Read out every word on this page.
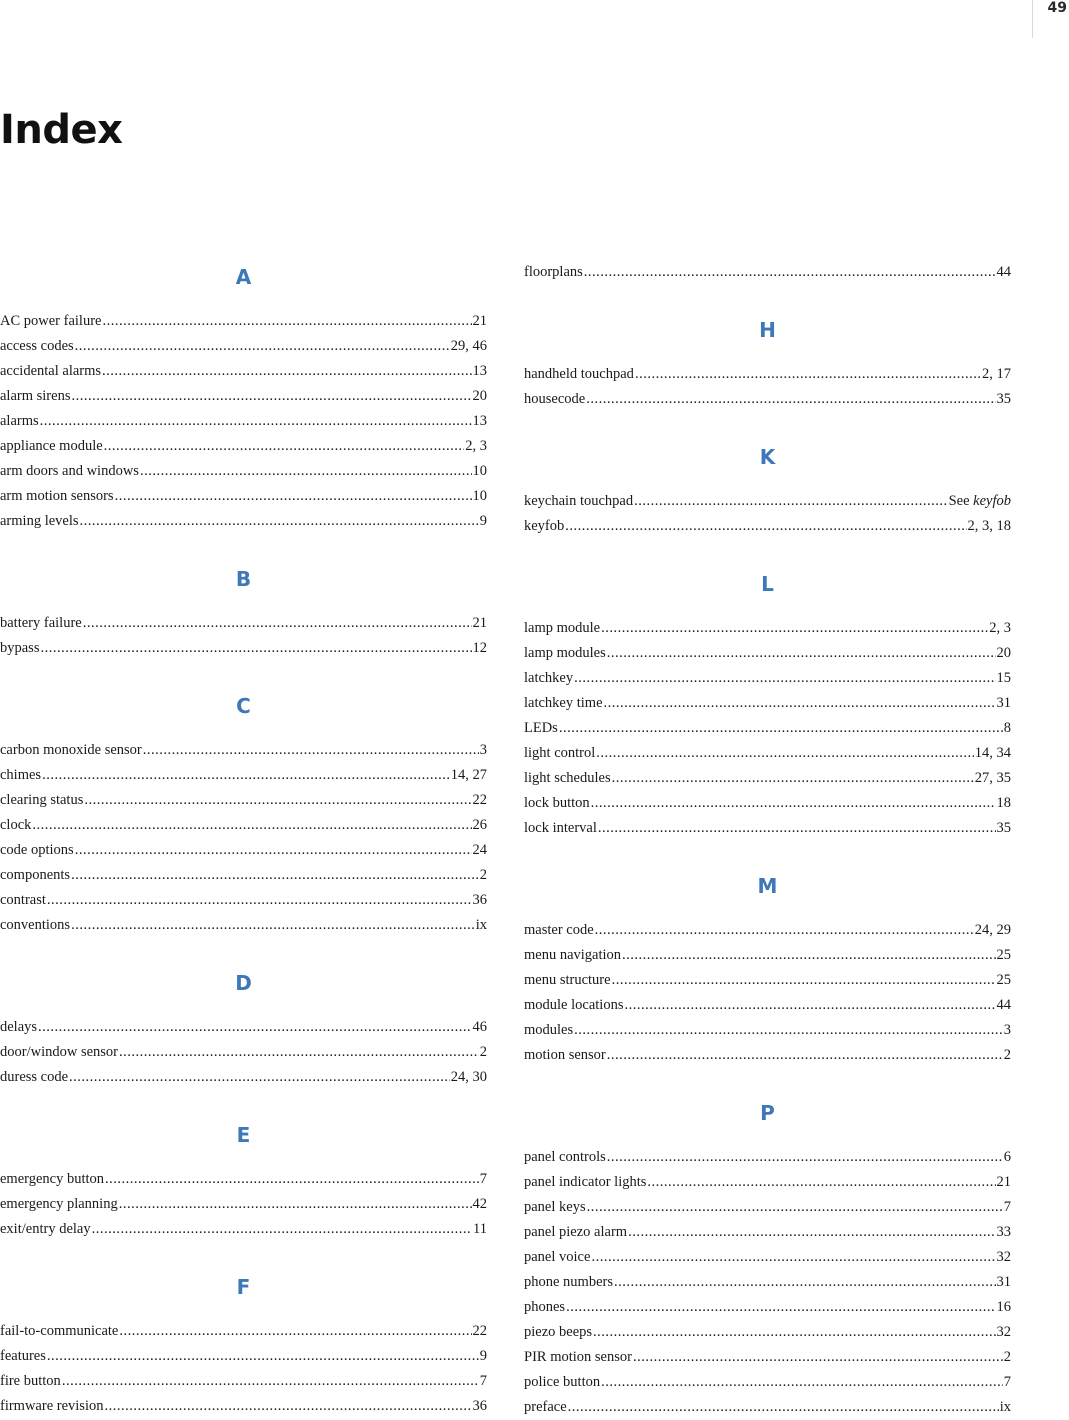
49
Index
A
AC power failure .....	21
access codes .....	29, 46
accidental alarms .....	13
alarm sirens .....	20
alarms .....	13
appliance module .....	2, 3
arm doors and windows .....	10
arm motion sensors .....	10
arming levels .....	9
B
battery failure .....	21
bypass .....	12
C
carbon monoxide sensor .....	3
chimes .....	14, 27
clearing status .....	22
clock .....	26
code options .....	24
components .....	2
contrast .....	36
conventions .....	ix
D
delays .....	46
door/window sensor .....	2
duress code .....	24, 30
E
emergency button .....	7
emergency planning .....	42
exit/entry delay .....	11
F
fail-to-communicate .....	22
features .....	9
fire button .....	7
firmware revision .....	36
floorplans .....	44
H
handheld touchpad .....	2, 17
housecode .....	35
K
keychain touchpad .....	See keyfob
keyfob .....	2, 3, 18
L
lamp module .....	2, 3
lamp modules .....	20
latchkey .....	15
latchkey time .....	31
LEDs .....	8
light control .....	14, 34
light schedules .....	27, 35
lock button .....	18
lock interval .....	35
M
master code .....	24, 29
menu navigation .....	25
menu structure .....	25
module locations .....	44
modules .....	3
motion sensor .....	2
P
panel controls .....	6
panel indicator lights .....	21
panel keys .....	7
panel piezo alarm .....	33
panel voice .....	32
phone numbers .....	31
phones .....	16
piezo beeps .....	32
PIR motion sensor .....	2
police button .....	7
preface .....	ix
